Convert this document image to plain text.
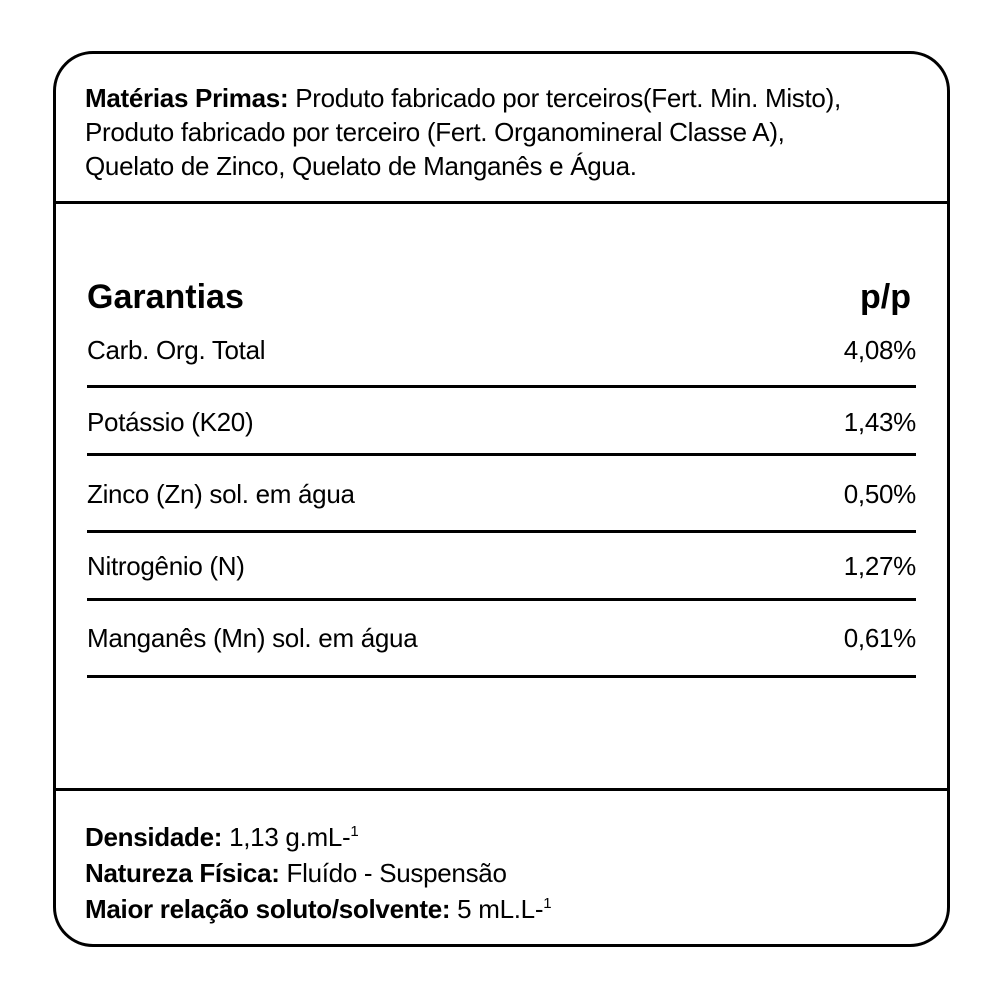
Matérias Primas: Produto fabricado por terceiros(Fert. Min. Misto),
Produto fabricado por terceiro (Fert. Organomineral Classe A),
Quelato de Zinco, Quelato de Manganês e Água.
Garantias	p/p
Carb. Org. Total	4,08%
Potássio (K20)	1,43%
Zinco (Zn) sol. em água	0,50%
Nitrogênio (N)	1,27%
Manganês (Mn) sol. em água	0,61%
Densidade: 1,13 g.mL-$^1$
Natureza Física: Fluído - Suspensão
Maior relação soluto/solvente: 5 mL.L-$^1$
